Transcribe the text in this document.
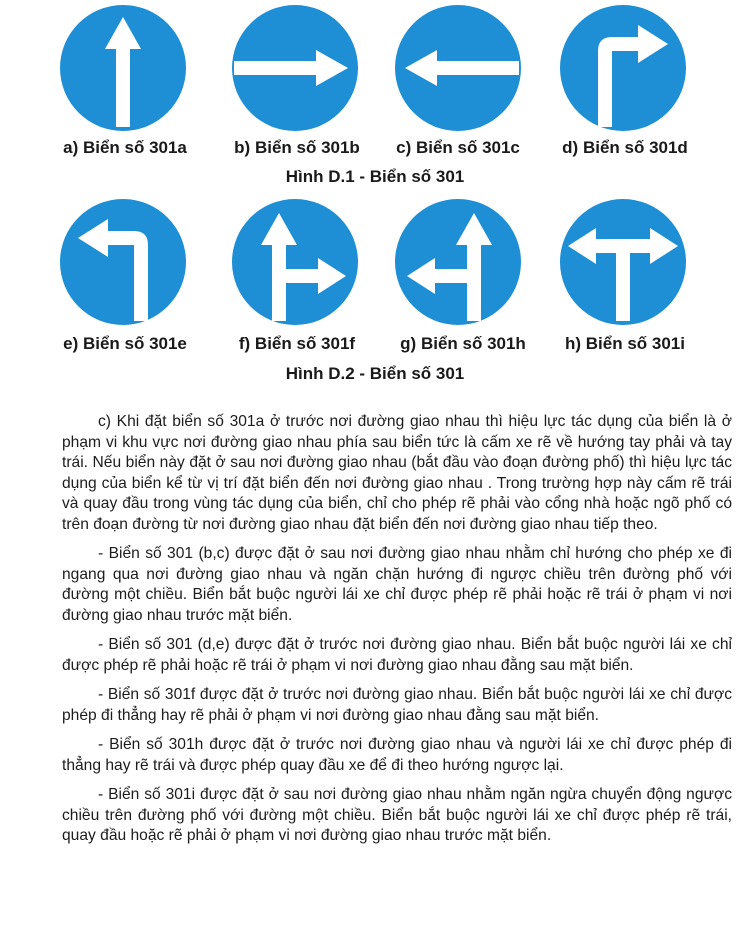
a) Biển số 301a	b) Biển số 301b	c) Biển số 301c	d) Biển số 301d
Hình D.1 - Biển số 301
e) Biển số 301e	f) Biển số 301f	g) Biển số 301h	h) Biển số 301i
Hình D.2 - Biển số 301

c) Khi đặt biển số 301a ở trước nơi đường giao nhau thì hiệu lực tác dụng của biển là ở phạm vi khu vực nơi đường giao nhau phía sau biển tức là cấm xe rẽ về hướng tay phải và tay trái. Nếu biển này đặt ở sau nơi đường giao nhau (bắt đầu vào đoạn đường phố) thì hiệu lực tác dụng của biển kể từ vị trí đặt biển đến nơi đường giao nhau . Trong trường hợp này cấm rẽ trái và quay đầu trong vùng tác dụng của biển, chỉ cho phép rẽ phải vào cổng nhà hoặc ngõ phố có trên đoạn đường từ nơi đường giao nhau đặt biển đến nơi đường giao nhau tiếp theo.

- Biển số 301 (b,c) được đặt ở sau nơi đường giao nhau nhằm chỉ hướng cho phép xe đi ngang qua nơi đường giao nhau và ngăn chặn hướng đi ngược chiều trên đường phố với đường một chiều. Biển bắt buộc người lái xe chỉ được phép rẽ phải hoặc rẽ trái ở phạm vi nơi đường giao nhau trước mặt biển.

- Biển số 301 (d,e) được đặt ở trước nơi đường giao nhau. Biển bắt buộc người lái xe chỉ được phép rẽ phải hoặc rẽ trái ở phạm vi nơi đường giao nhau đằng sau mặt biển.

- Biển số 301f được đặt ở trước nơi đường giao nhau. Biển bắt buộc người lái xe chỉ được phép đi thẳng hay rẽ phải ở phạm vi nơi đường giao nhau đằng sau mặt biển.

- Biển số 301h được đặt ở trước nơi đường giao nhau và người lái xe chỉ được phép đi thẳng hay rẽ trái và được phép quay đầu xe để đi theo hướng ngược lại.

- Biển số 301i được đặt ở sau nơi đường giao nhau nhằm ngăn ngừa chuyển động ngược chiều trên đường phố với đường một chiều. Biển bắt buộc người lái xe chỉ được phép rẽ trái, quay đầu hoặc rẽ phải ở phạm vi nơi đường giao nhau trước mặt biển.
